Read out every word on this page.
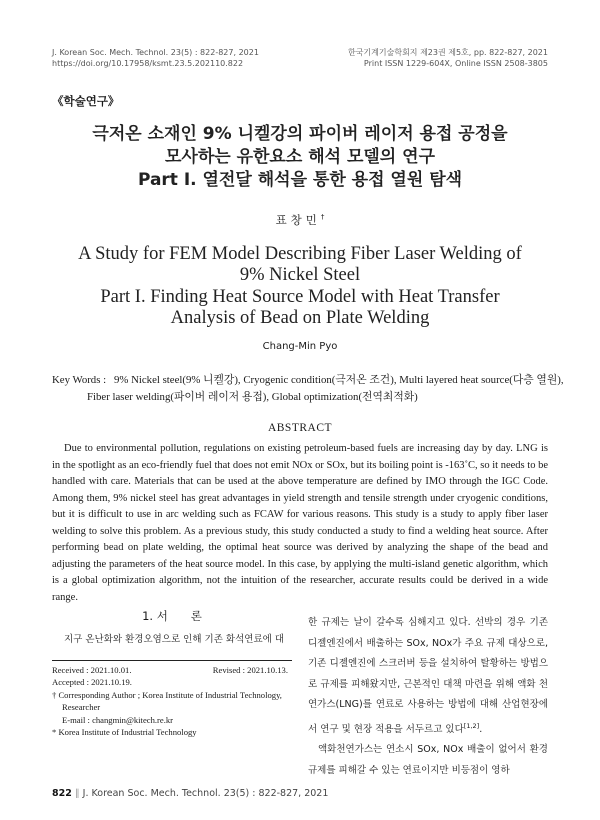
J. Korean Soc. Mech. Technol. 23(5) : 822-827, 2021
https://doi.org/10.17958/ksmt.23.5.202110.822
한국기계기술학회지 제23권 제5호, pp. 822-827, 2021
Print ISSN 1229-604X, Online ISSN 2508-3805
《학술연구》
극저온 소재인 9% 니켈강의 파이버 레이저 용접 공정을
모사하는 유한요소 해석 모델의 연구
Part I. 열전달 해석을 통한 용접 열원 탐색
표창민†
A Study for FEM Model Describing Fiber Laser Welding of
9% Nickel Steel
Part I. Finding Heat Source Model with Heat Transfer
Analysis of Bead on Plate Welding
Chang-Min Pyo
Key Words : 9% Nickel steel(9% 니켈강), Cryogenic condition(극저온 조건), Multi layered heat source(다층 열원),
Fiber laser welding(파이버 레이저 용접), Global optimization(전역최적화)
ABSTRACT

Due to environmental pollution, regulations on existing petroleum-based fuels are increasing day by day. LNG is in the spotlight as an eco-friendly fuel that does not emit NOx or SOx, but its boiling point is -163˚C, so it needs to be handled with care. Materials that can be used at the above temperature are defined by IMO through the IGC Code. Among them, 9% nickel steel has great advantages in yield strength and tensile strength under cryogenic conditions, but it is difficult to use in arc welding such as FCAW for various reasons. This study is a study to apply fiber laser welding to solve this problem. As a previous study, this study conducted a study to find a welding heat source. After performing bead on plate welding, the optimal heat source was derived by analyzing the shape of the bead and adjusting the parameters of the heat source model. In this case, by applying the multi-island genetic algorithm, which is a global optimization algorithm, not the intuition of the researcher, accurate results could be derived in a wide range.

1. 서　　론

지구 온난화와 환경오염으로 인해 기존 화석연료에 대

Received : 2021.10.01.	Revised : 2021.10.13.
Accepted : 2021.10.19.
† Corresponding Author ; Korea Institute of Industrial Technology,
Researcher
E-mail : changmin@kitech.re.kr
* Korea Institute of Industrial Technology

한 규제는 날이 갈수록 심해지고 있다. 선박의 경우 기존 디젤엔진에서 배출하는 SOx, NOx가 주요 규제 대상으로, 기존 디젤엔진에 스크러버 등을 설치하여 탈황하는 방법으로 규제를 피해왔지만, 근본적인 대책 마련을 위해 액화 천연가스(LNG)를 연료로 사용하는 방법에 대해 산업현장에서 연구 및 현장 적용을 서두르고 있다[1,2].

액화천연가스는 연소시 SOx, NOx 배출이 없어서 환경 규제를 피해갈 수 있는 연료이지만 비등점이 영하

822 ∥ J. Korean Soc. Mech. Technol. 23(5) : 822-827, 2021
